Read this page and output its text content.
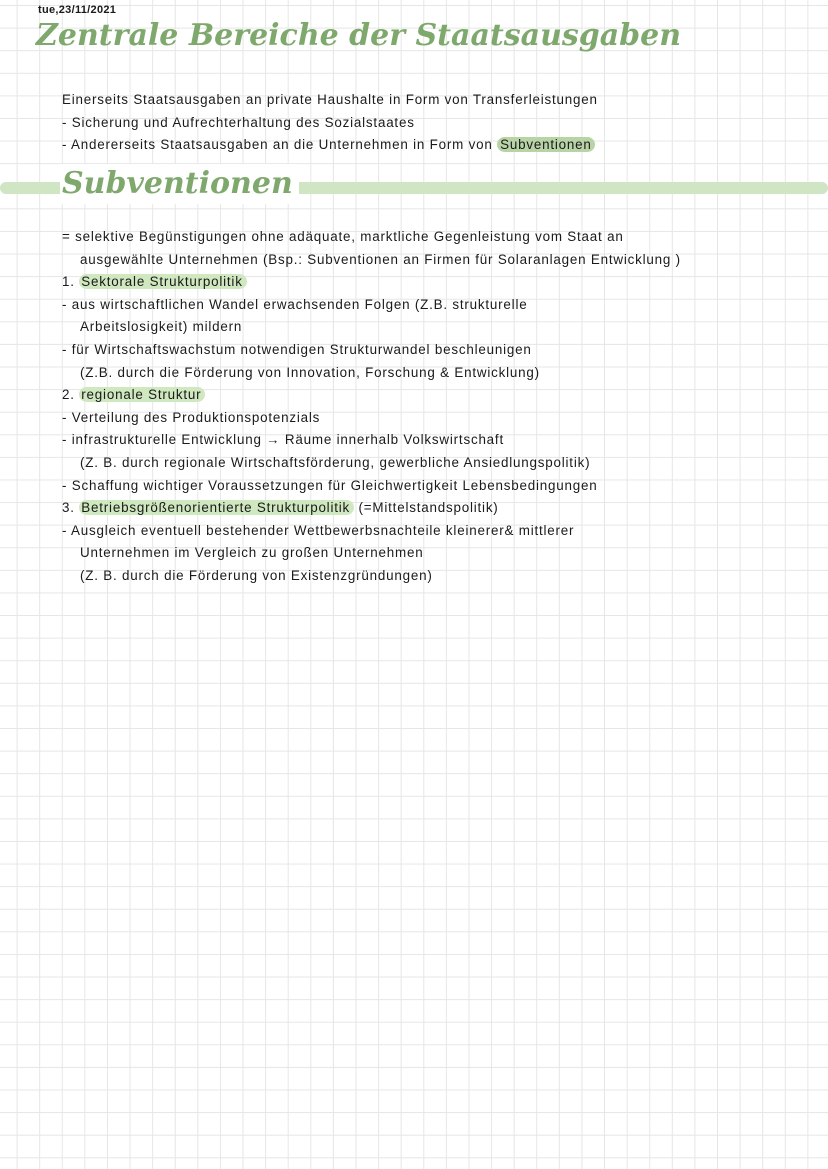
tue,23/11/2021
Zentrale Bereiche der Staatsausgaben
Einerseits Staatsausgaben an private Haushalte in Form von Transferleistungen
- Sicherung und Aufrechterhaltung des Sozialstaates
- Andererseits Staatsausgaben an die Unternehmen in Form von Subventionen
Subventionen
= selektive Begünstigungen ohne adäquate, marktliche Gegenleistung vom Staat an
ausgewählte Unternehmen (Bsp.: Subventionen an Firmen für Solaranlagen Entwicklung )
1. Sektorale Strukturpolitik
- aus wirtschaftlichen Wandel erwachsenden Folgen (Z.B. strukturelle
Arbeitslosigkeit) mildern
- für Wirtschaftswachstum notwendigen Strukturwandel beschleunigen
(Z.B. durch die Förderung von Innovation, Forschung & Entwicklung)
2. regionale Struktur
- Verteilung des Produktionspotenzials
- infrastrukturelle Entwicklung → Räume innerhalb Volkswirtschaft
(Z. B. durch regionale Wirtschaftsförderung, gewerbliche Ansiedlungspolitik)
- Schaffung wichtiger Voraussetzungen für Gleichwertigkeit Lebensbedingungen
3. Betriebsgrößenorientierte Strukturpolitik (=Mittelstandspolitik)
- Ausgleich eventuell bestehender Wettbewerbsnachteile kleinerer& mittlerer
Unternehmen im Vergleich zu großen Unternehmen
(Z. B. durch die Förderung von Existenzgründungen)
